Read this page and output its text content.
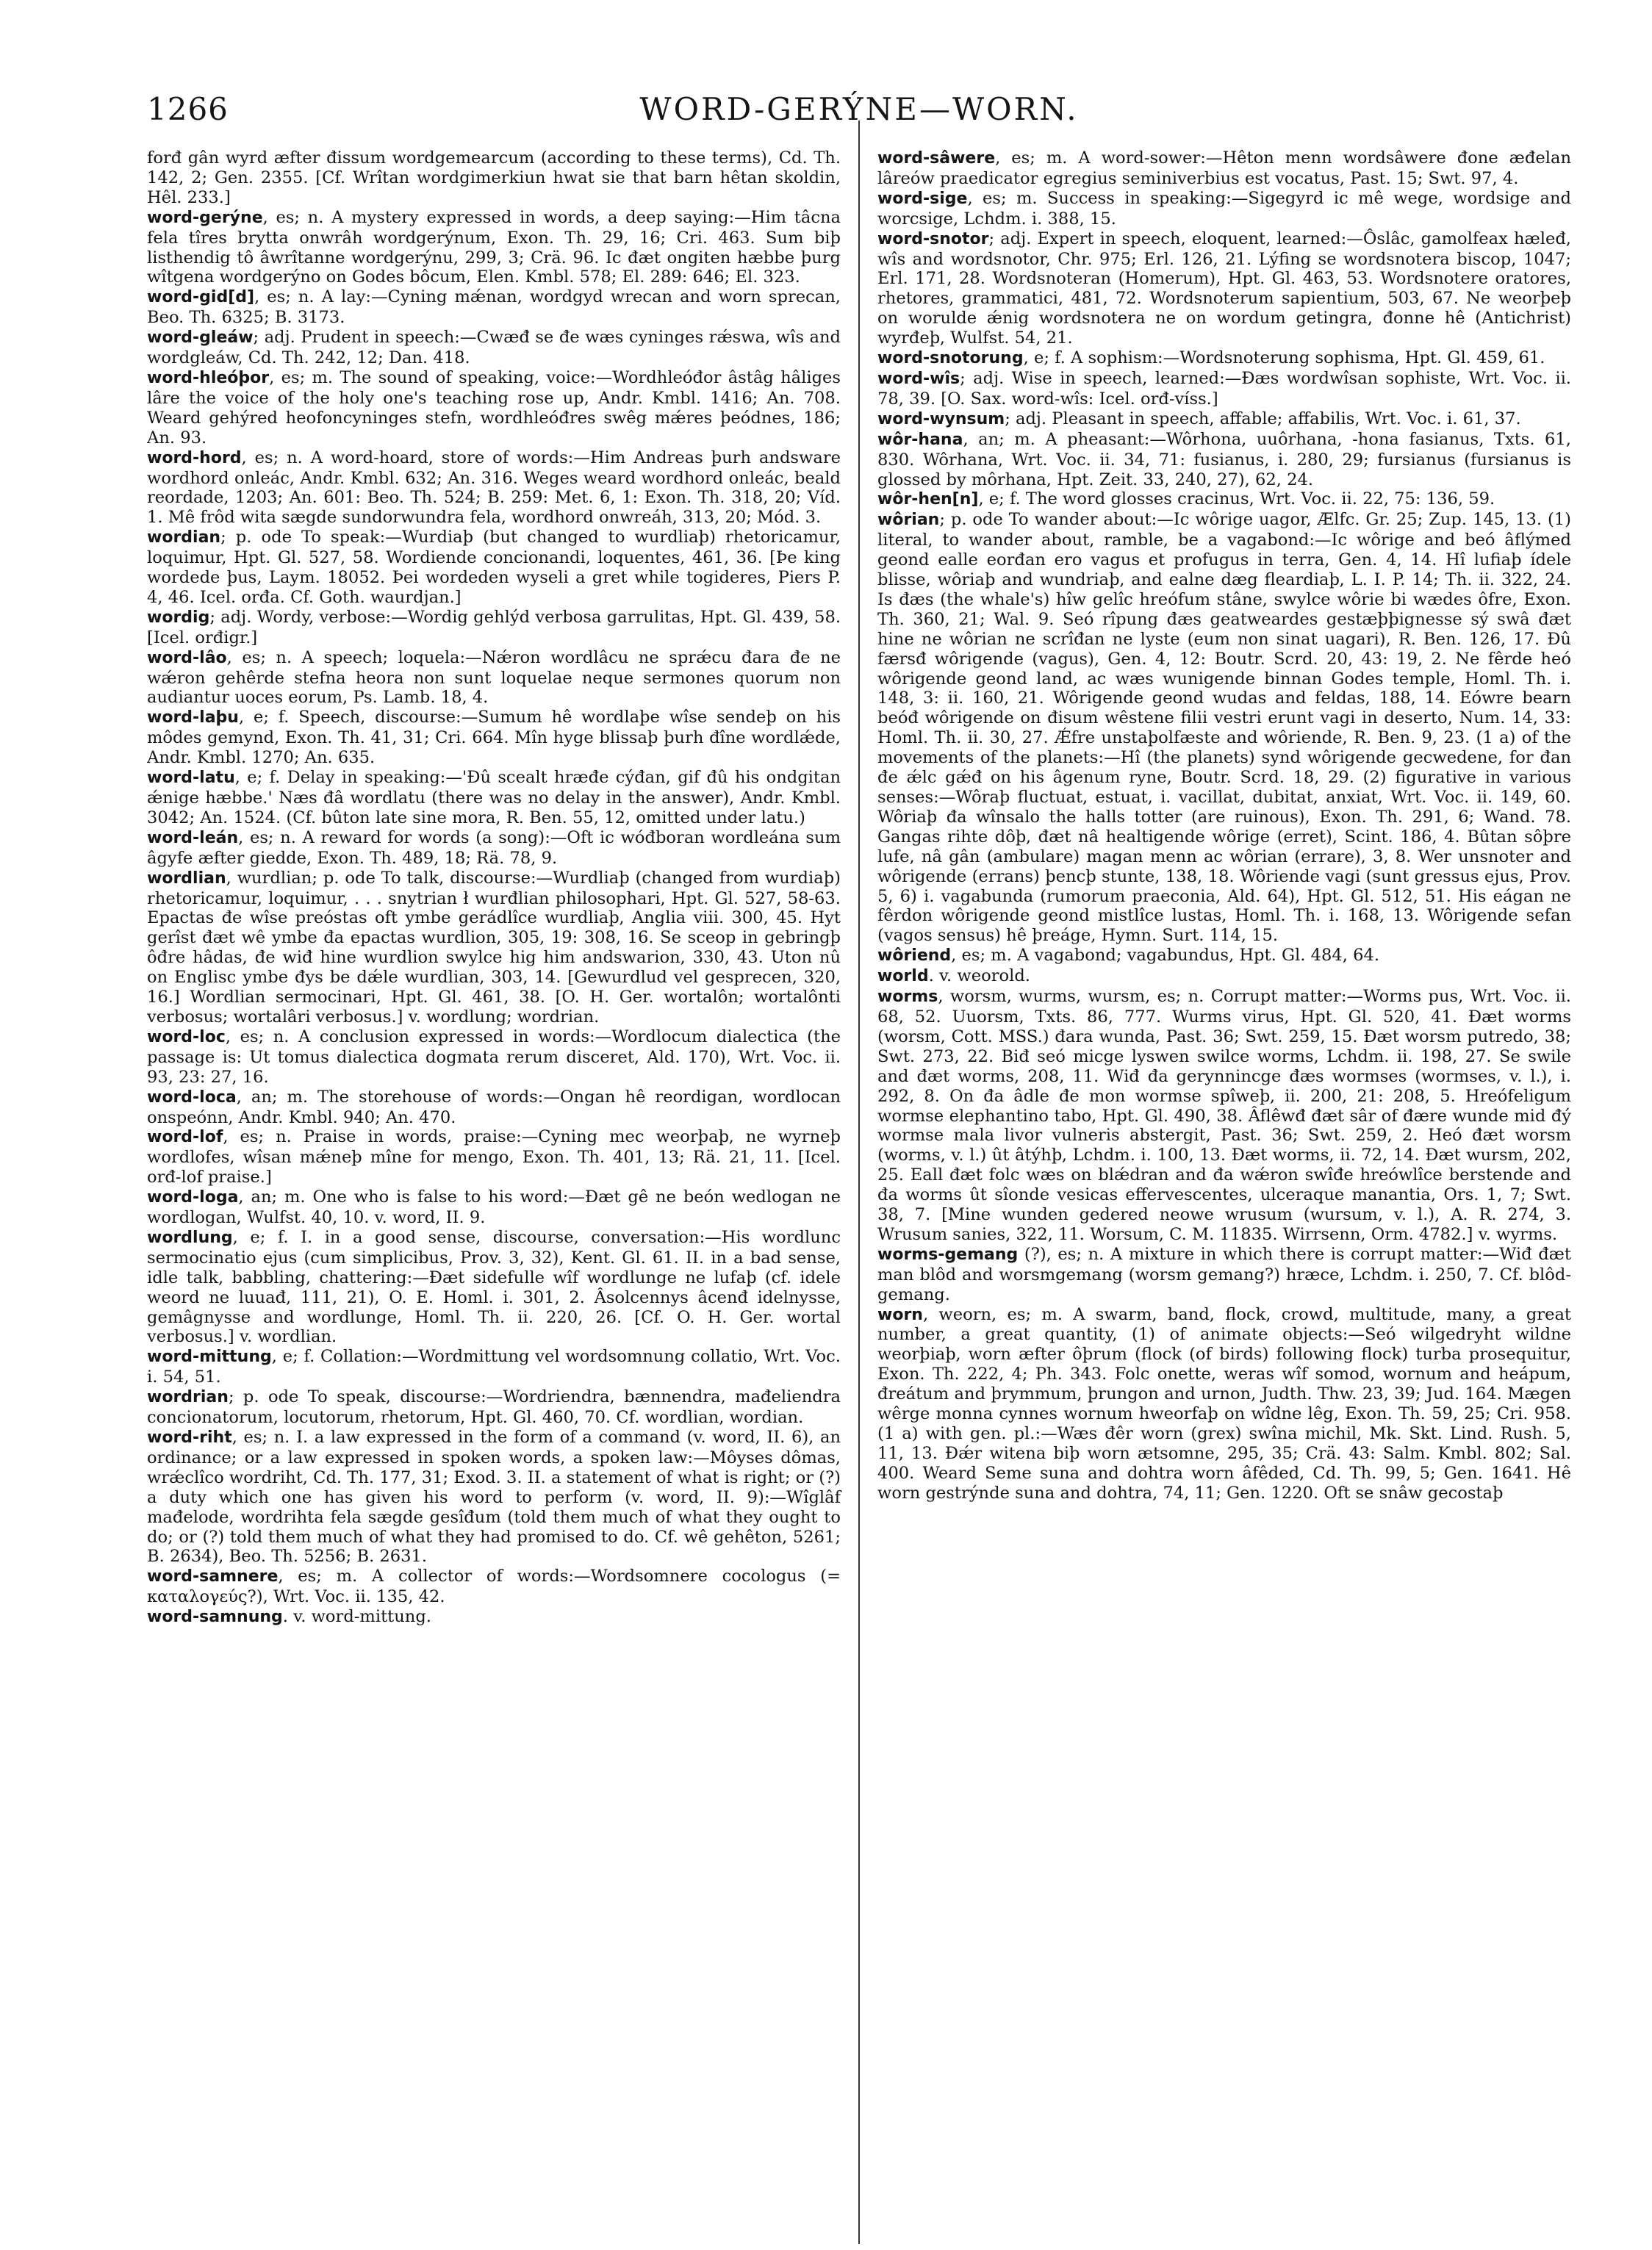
1266	WORD-GERÝNE—WORN.

forđ gân wyrd æfter đissum wordgemearcum (according to these terms), Cd. Th. 142, 2; Gen. 2355. [Cf. Wrîtan wordgimerkiun hwat sie that barn hêtan skoldin, Hêl. 233.]

word-gerýne, es; n. A mystery expressed in words, a deep saying:—Him tâcna fela tîres brytta onwrâh wordgerýnum, Exon. Th. 29, 16; Cri. 463. Sum biþ listhendig tô âwrîtanne wordgerýnu, 299, 3; Crä. 96. Ic đæt ongiten hæbbe þurg wîtgena wordgerýno on Godes bôcum, Elen. Kmbl. 578; El. 289: 646; El. 323.

word-gid[d], es; n. A lay:—Cyning mǽnan, wordgyd wrecan and worn sprecan, Beo. Th. 6325; B. 3173.

word-gleáw; adj. Prudent in speech:—Cwæđ se đe wæs cyninges rǽswa, wîs and wordgleáw, Cd. Th. 242, 12; Dan. 418.

word-hleóþor, es; m. The sound of speaking, voice:—Wordhleóđor âstâg hâliges lâre the voice of the holy one's teaching rose up, Andr. Kmbl. 1416; An. 708. Weard gehýred heofoncyninges stefn, wordhleóđres swêg mǽres þeódnes, 186; An. 93.

word-hord, es; n. A word-hoard, store of words:—Him Andreas þurh andsware wordhord onleác, Andr. Kmbl. 632; An. 316. Weges weard wordhord onleác, beald reordade, 1203; An. 601: Beo. Th. 524; B. 259: Met. 6, 1: Exon. Th. 318, 20; Víd. 1. Mê frôd wita sægde sundorwundra fela, wordhord onwreáh, 313, 20; Mód. 3.

wordian; p. ode To speak:—Wurdiaþ (but changed to wurdliaþ) rhetoricamur, loquimur, Hpt. Gl. 527, 58. Wordiende concionandi, loquentes, 461, 36. [Þe king wordede þus, Laym. 18052. Þei wordeden wyseli a gret while togideres, Piers P. 4, 46. Icel. orđa. Cf. Goth. waurdjan.]

wordig; adj. Wordy, verbose:—Wordig gehlýd verbosa garrulitas, Hpt. Gl. 439, 58. [Icel. orđigr.]

word-lâo, es; n. A speech; loquela:—Nǽron wordlâcu ne sprǽcu đara đe ne wǽron gehêrde stefna heora non sunt loquelae neque sermones quorum non audiantur uoces eorum, Ps. Lamb. 18, 4.

word-laþu, e; f. Speech, discourse:—Sumum hê wordlaþe wîse sendeþ on his môdes gemynd, Exon. Th. 41, 31; Cri. 664. Mîn hyge blissaþ þurh đîne wordlǽde, Andr. Kmbl. 1270; An. 635.

word-latu, e; f. Delay in speaking:—'Đû scealt hræđe cýđan, gif đû his ondgitan ǽnige hæbbe.' Næs đâ wordlatu (there was no delay in the answer), Andr. Kmbl. 3042; An. 1524. (Cf. bûton late sine mora, R. Ben. 55, 12, omitted under latu.)

word-leán, es; n. A reward for words (a song):—Oft ic wóđboran wordleána sum âgyfe æfter giedde, Exon. Th. 489, 18; Rä. 78, 9.

wordlian, wurdlian; p. ode To talk, discourse:—Wurdliaþ (changed from wurdiaþ) rhetoricamur, loquimur, . . . snytrian ł wurđlian philosophari, Hpt. Gl. 527, 58-63. Epactas đe wîse preóstas oft ymbe gerádlîce wurdliaþ, Anglia viii. 300, 45. Hyt gerîst đæt wê ymbe đa epactas wurdlion, 305, 19: 308, 16. Se sceop in gebringþ ôđre hâdas, đe wiđ hine wurdlion swylce hig him andswarion, 330, 43. Uton nû on Englisc ymbe đys be dǽle wurdlian, 303, 14. [Gewurdlud vel gesprecen, 320, 16.] Wordlian sermocinari, Hpt. Gl. 461, 38. [O. H. Ger. wortalôn; wortalônti verbosus; wortalâri verbosus.] v. wordlung; wordrian.

word-loc, es; n. A conclusion expressed in words:—Wordlocum dialectica (the passage is: Ut tomus dialectica dogmata rerum disceret, Ald. 170), Wrt. Voc. ii. 93, 23: 27, 16.

word-loca, an; m. The storehouse of words:—Ongan hê reordigan, wordlocan onspeónn, Andr. Kmbl. 940; An. 470.

word-lof, es; n. Praise in words, praise:—Cyning mec weorþaþ, ne wyrneþ wordlofes, wîsan mǽneþ mîne for mengo, Exon. Th. 401, 13; Rä. 21, 11. [Icel. orđ-lof praise.]

word-loga, an; m. One who is false to his word:—Đæt gê ne beón wedlogan ne wordlogan, Wulfst. 40, 10. v. word, II. 9.

wordlung, e; f. I. in a good sense, discourse, conversation:—His wordlunc sermocinatio ejus (cum simplicibus, Prov. 3, 32), Kent. Gl. 61. II. in a bad sense, idle talk, babbling, chattering:—Đæt sidefulle wîf wordlunge ne lufaþ (cf. idele weord ne luuađ, 111, 21), O. E. Homl. i. 301, 2. Âsolcennys âcenđ idelnysse, gemâgnysse and wordlunge, Homl. Th. ii. 220, 26. [Cf. O. H. Ger. wortal verbosus.] v. wordlian.

word-mittung, e; f. Collation:—Wordmittung vel wordsomnung collatio, Wrt. Voc. i. 54, 51.

wordrian; p. ode To speak, discourse:—Wordriendra, bænnendra, mađeliendra concionatorum, locutorum, rhetorum, Hpt. Gl. 460, 70. Cf. wordlian, wordian.

word-riht, es; n. I. a law expressed in the form of a command (v. word, II. 6), an ordinance; or a law expressed in spoken words, a spoken law:—Môyses dômas, wrǽclîco wordriht, Cd. Th. 177, 31; Exod. 3. II. a statement of what is right; or (?) a duty which one has given his word to perform (v. word, II. 9):—Wîglâf mađelode, wordrihta fela sægde gesîđum (told them much of what they ought to do; or (?) told them much of what they had promised to do. Cf. wê gehêton, 5261; B. 2634), Beo. Th. 5256; B. 2631.

word-samnere, es; m. A collector of words:—Wordsomnere cocologus (= καταλογεύς?), Wrt. Voc. ii. 135, 42.

word-samnung. v. word-mittung.

word-sâwere, es; m. A word-sower:—Hêton menn wordsâwere đone æđelan lâreów praedicator egregius seminiverbius est vocatus, Past. 15; Swt. 97, 4.

word-sige, es; m. Success in speaking:—Sigegyrd ic mê wege, wordsige and worcsige, Lchdm. i. 388, 15.

word-snotor; adj. Expert in speech, eloquent, learned:—Ôslâc, gamolfeax hæleđ, wîs and wordsnotor, Chr. 975; Erl. 126, 21. Lýfing se wordsnotera biscop, 1047; Erl. 171, 28. Wordsnoteran (Homerum), Hpt. Gl. 463, 53. Wordsnotere oratores, rhetores, grammatici, 481, 72. Wordsnoterum sapientium, 503, 67. Ne weorþeþ on worulde ǽnig wordsnotera ne on wordum getingra, đonne hê (Antichrist) wyrđeþ, Wulfst. 54, 21.

word-snotorung, e; f. A sophism:—Wordsnoterung sophisma, Hpt. Gl. 459, 61.

word-wîs; adj. Wise in speech, learned:—Đæs wordwîsan sophiste, Wrt. Voc. ii. 78, 39. [O. Sax. word-wîs: Icel. orđ-víss.]

word-wynsum; adj. Pleasant in speech, affable; affabilis, Wrt. Voc. i. 61, 37.

wôr-hana, an; m. A pheasant:—Wôrhona, uuôrhana, -hona fasianus, Txts. 61, 830. Wôrhana, Wrt. Voc. ii. 34, 71: fusianus, i. 280, 29; fursianus (fursianus is glossed by môrhana, Hpt. Zeit. 33, 240, 27), 62, 24.

wôr-hen[n], e; f. The word glosses cracinus, Wrt. Voc. ii. 22, 75: 136, 59.

wôrian; p. ode To wander about:—Ic wôrige uagor, Ælfc. Gr. 25; Zup. 145, 13. (1) literal, to wander about, ramble, be a vagabond:—Ic wôrige and beó âflýmed geond ealle eorđan ero vagus et profugus in terra, Gen. 4, 14. Hî lufiaþ ídele blisse, wôriaþ and wundriaþ, and ealne dæg fleardiaþ, L. I. P. 14; Th. ii. 322, 24. Is đæs (the whale's) hîw gelîc hreófum stâne, swylce wôrie bi wædes ôfre, Exon. Th. 360, 21; Wal. 9. Seó rîpung đæs geatweardes gestæþþignesse sý swâ đæt hine ne wôrian ne scrîđan ne lyste (eum non sinat uagari), R. Ben. 126, 17. Đû færsđ wôrigende (vagus), Gen. 4, 12: Boutr. Scrd. 20, 43: 19, 2. Ne fêrde heó wôrigende geond land, ac wæs wunigende binnan Godes temple, Homl. Th. i. 148, 3: ii. 160, 21. Wôrigende geond wudas and feldas, 188, 14. Eówre bearn beóđ wôrigende on đisum wêstene filii vestri erunt vagi in deserto, Num. 14, 33: Homl. Th. ii. 30, 27. Ǽfre unstaþolfæste and wôriende, R. Ben. 9, 23. (1 a) of the movements of the planets:—Hî (the planets) synd wôrigende gecwedene, for đan đe ǽlc gǽđ on his âgenum ryne, Boutr. Scrd. 18, 29. (2) figurative in various senses:—Wôraþ fluctuat, estuat, i. vacillat, dubitat, anxiat, Wrt. Voc. ii. 149, 60. Wôriaþ đa wînsalo the halls totter (are ruinous), Exon. Th. 291, 6; Wand. 78. Gangas rihte dôþ, đæt nâ healtigende wôrige (erret), Scint. 186, 4. Bûtan sôþre lufe, nâ gân (ambulare) magan menn ac wôrian (errare), 3, 8. Wer unsnoter and wôrigende (errans) þencþ stunte, 138, 18. Wôriende vagi (sunt gressus ejus, Prov. 5, 6) i. vagabunda (rumorum praeconia, Ald. 64), Hpt. Gl. 512, 51. His eágan ne fêrdon wôrigende geond mistlîce lustas, Homl. Th. i. 168, 13. Wôrigende sefan (vagos sensus) hê þreáge, Hymn. Surt. 114, 15.

wôriend, es; m. A vagabond; vagabundus, Hpt. Gl. 484, 64.

world. v. weorold.

worms, worsm, wurms, wursm, es; n. Corrupt matter:—Worms pus, Wrt. Voc. ii. 68, 52. Uuorsm, Txts. 86, 777. Wurms virus, Hpt. Gl. 520, 41. Đæt worms (worsm, Cott. MSS.) đara wunda, Past. 36; Swt. 259, 15. Đæt worsm putredo, 38; Swt. 273, 22. Biđ seó micge lyswen swilce worms, Lchdm. ii. 198, 27. Se swile and đæt worms, 208, 11. Wiđ đa gerynnincge đæs wormses (wormses, v. l.), i. 292, 8. On đa âdle đe mon wormse spîweþ, ii. 200, 21: 208, 5. Hreófeligum wormse elephantino tabo, Hpt. Gl. 490, 38. Âflêwđ đæt sâr of đære wunde mid đý wormse mala livor vulneris abstergit, Past. 36; Swt. 259, 2. Heó đæt worsm (worms, v. l.) ût âtýhþ, Lchdm. i. 100, 13. Đæt worms, ii. 72, 14. Đæt wursm, 202, 25. Eall đæt folc wæs on blǽdran and đa wǽron swîđe hreówlîce berstende and đa worms ût sîonde vesicas effervescentes, ulceraque manantia, Ors. 1, 7; Swt. 38, 7. [Mine wunden gedered neowe wrusum (wursum, v. l.), A. R. 274, 3. Wrusum sanies, 322, 11. Worsum, C. M. 11835. Wirrsenn, Orm. 4782.] v. wyrms.

worms-gemang (?), es; n. A mixture in which there is corrupt matter:—Wiđ đæt man blôd and worsmgemang (worsm gemang?) hræce, Lchdm. i. 250, 7. Cf. blôd-gemang.

worn, weorn, es; m. A swarm, band, flock, crowd, multitude, many, a great number, a great quantity, (1) of animate objects:—Seó wilgedryht wildne weorþiaþ, worn æfter ôþrum (flock (of birds) following flock) turba prosequitur, Exon. Th. 222, 4; Ph. 343. Folc onette, weras wîf somod, wornum and heápum, đreátum and þrymmum, þrungon and urnon, Judth. Thw. 23, 39; Jud. 164. Mægen wêrge monna cynnes wornum hweorfaþ on wîdne lêg, Exon. Th. 59, 25; Cri. 958. (1 a) with gen. pl.:—Wæs đêr worn (grex) swîna michil, Mk. Skt. Lind. Rush. 5, 11, 13. Đǽr witena biþ worn ætsomne, 295, 35; Crä. 43: Salm. Kmbl. 802; Sal. 400. Weard Seme suna and dohtra worn âfêded, Cd. Th. 99, 5; Gen. 1641. Hê worn gestrýnde suna and dohtra, 74, 11; Gen. 1220. Oft se snâw gecostaþ
